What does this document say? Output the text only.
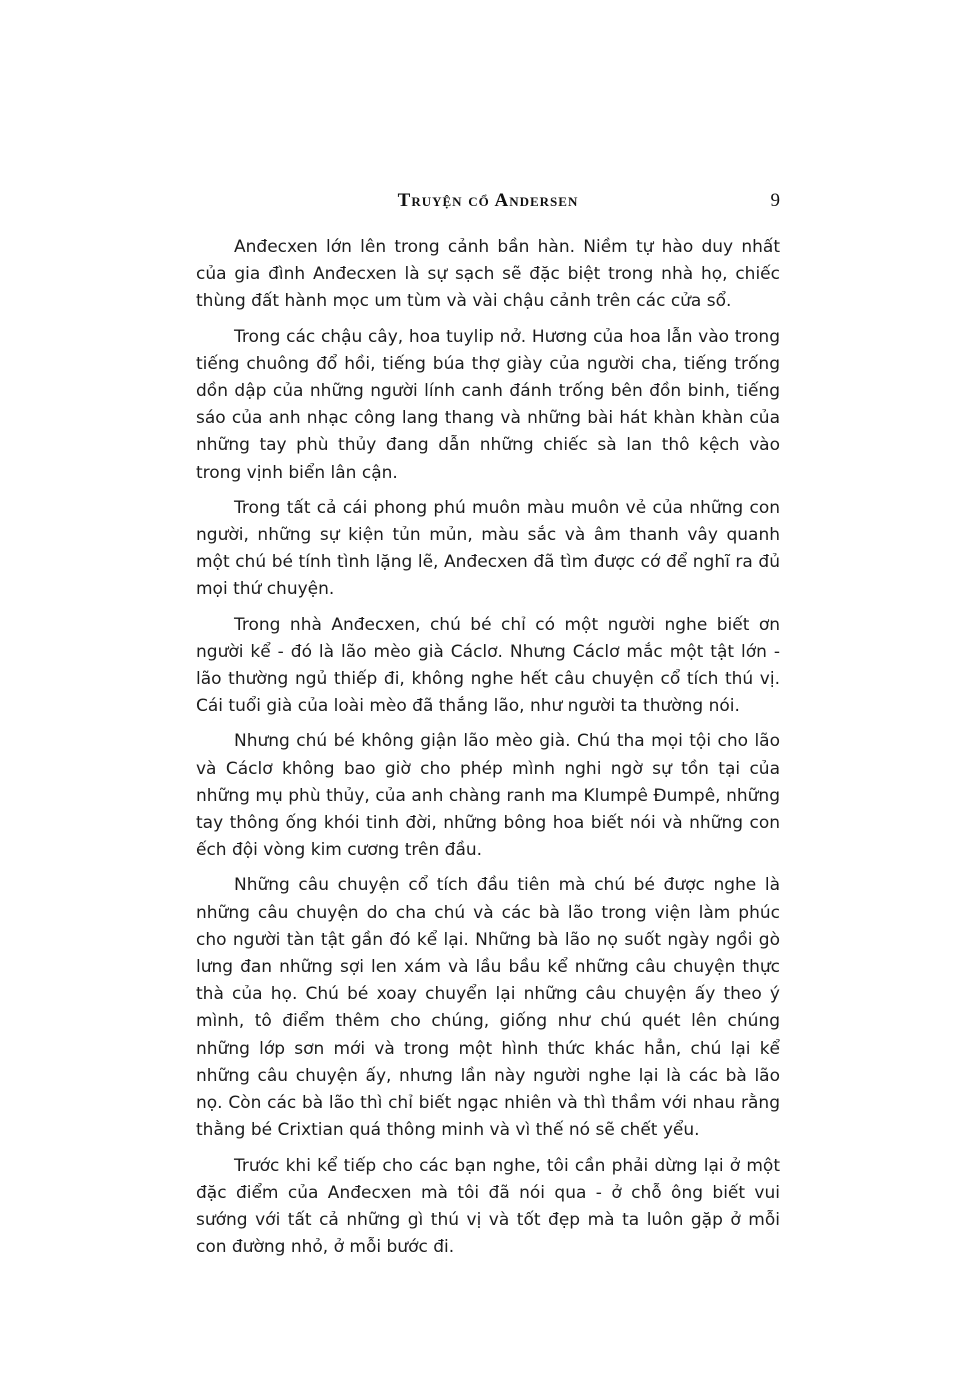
Truyện cổ Andersen	9

Anđecxen lớn lên trong cảnh bần hàn. Niềm tự hào duy nhất của gia đình Anđecxen là sự sạch sẽ đặc biệt trong nhà họ, chiếc thùng đất hành mọc um tùm và vài chậu cảnh trên các cửa sổ.

Trong các chậu cây, hoa tuylip nở. Hương của hoa lẫn vào trong tiếng chuông đổ hồi, tiếng búa thợ giày của người cha, tiếng trống dồn dập của những người lính canh đánh trống bên đồn binh, tiếng sáo của anh nhạc công lang thang và những bài hát khàn khàn của những tay phù thủy đang dẫn những chiếc sà lan thô kệch vào trong vịnh biển lân cận.

Trong tất cả cái phong phú muôn màu muôn vẻ của những con người, những sự kiện tủn mủn, màu sắc và âm thanh vây quanh một chú bé tính tình lặng lẽ, Anđecxen đã tìm được cớ để nghĩ ra đủ mọi thứ chuyện.

Trong nhà Anđecxen, chú bé chỉ có một người nghe biết ơn người kể - đó là lão mèo già Cáclơ. Nhưng Cáclơ mắc một tật lớn - lão thường ngủ thiếp đi, không nghe hết câu chuyện cổ tích thú vị. Cái tuổi già của loài mèo đã thắng lão, như người ta thường nói.

Nhưng chú bé không giận lão mèo già. Chú tha mọi tội cho lão và Cáclơ không bao giờ cho phép mình nghi ngờ sự tồn tại của những mụ phù thủy, của anh chàng ranh ma Klumpê Đumpê, những tay thông ống khói tinh đời, những bông hoa biết nói và những con ếch đội vòng kim cương trên đầu.

Những câu chuyện cổ tích đầu tiên mà chú bé được nghe là những câu chuyện do cha chú và các bà lão trong viện làm phúc cho người tàn tật gần đó kể lại. Những bà lão nọ suốt ngày ngồi gò lưng đan những sợi len xám và lầu bầu kể những câu chuyện thực thà của họ. Chú bé xoay chuyển lại những câu chuyện ấy theo ý mình, tô điểm thêm cho chúng, giống như chú quét lên chúng những lớp sơn mới và trong một hình thức khác hẳn, chú lại kể những câu chuyện ấy, nhưng lần này người nghe lại là các bà lão nọ. Còn các bà lão thì chỉ biết ngạc nhiên và thì thầm với nhau rằng thằng bé Crixtian quá thông minh và vì thế nó sẽ chết yểu.

Trước khi kể tiếp cho các bạn nghe, tôi cần phải dừng lại ở một đặc điểm của Anđecxen mà tôi đã nói qua - ở chỗ ông biết vui sướng với tất cả những gì thú vị và tốt đẹp mà ta luôn gặp ở mỗi con đường nhỏ, ở mỗi bước đi.
